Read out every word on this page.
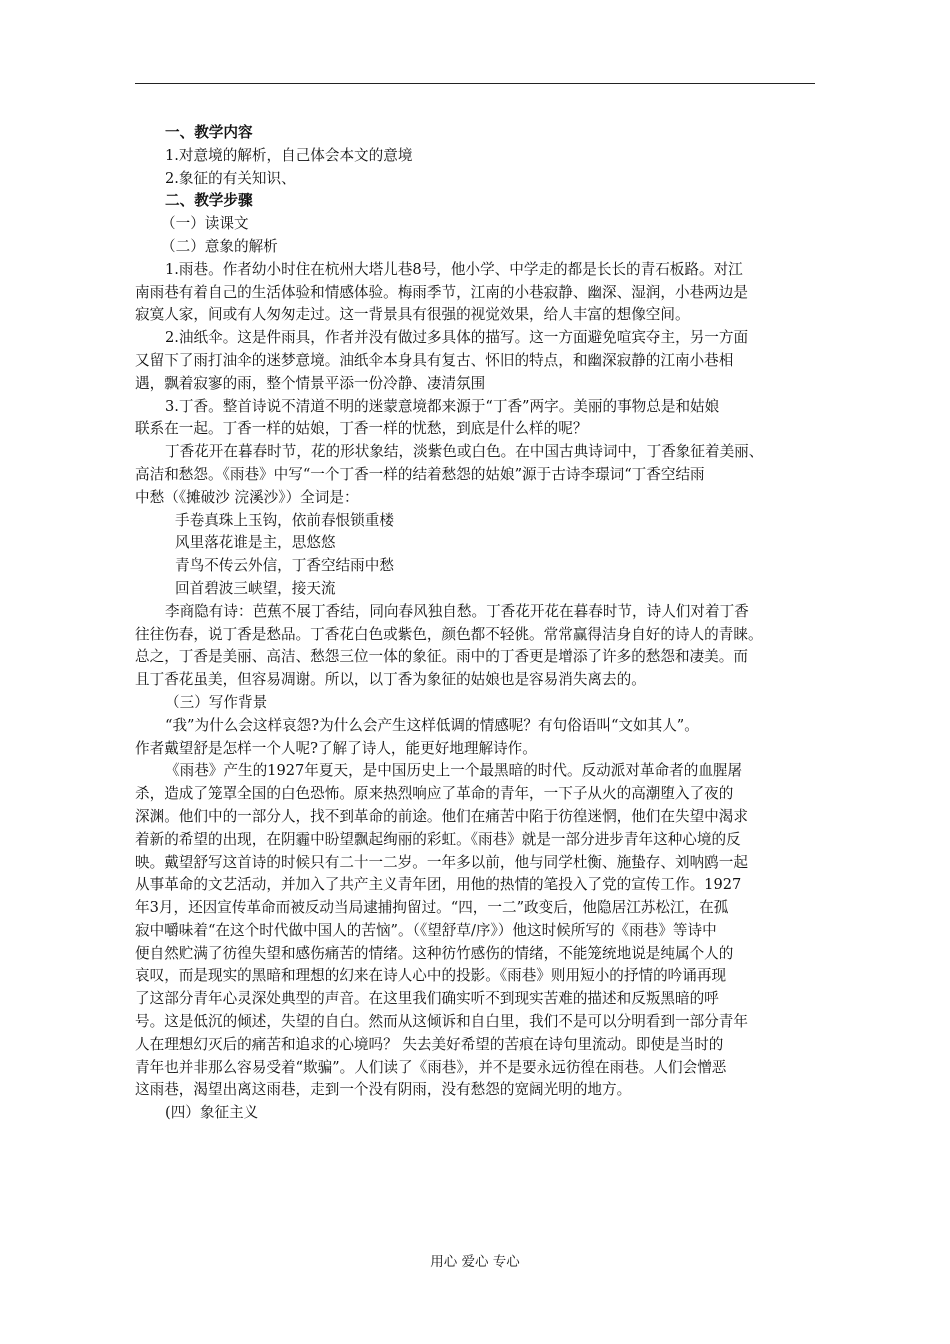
一、教学内容

1.对意境的解析，自己体会本文的意境

2.象征的有关知识、

二、教学步骤

（一）读课文

（二）意象的解析

1.雨巷。作者幼小时住在杭州大塔儿巷8号，他小学、中学走的都是长长的青石板路。对江

南雨巷有着自己的生活体验和情感体验。梅雨季节，江南的小巷寂静、幽深、湿润，小巷两边是

寂寞人家，间或有人匆匆走过。这一背景具有很强的视觉效果，给人丰富的想像空间。

2.油纸伞。这是件雨具，作者并没有做过多具体的描写。这一方面避免喧宾夺主，另一方面

又留下了雨打油伞的迷梦意境。油纸伞本身具有复古、怀旧的特点，和幽深寂静的江南小巷相

遇，飘着寂寥的雨，整个情景平添一份冷静、凄清氛围

3.丁香。整首诗说不清道不明的迷蒙意境都来源于“丁香”两字。美丽的事物总是和姑娘

联系在一起。丁香一样的姑娘，丁香一样的忧愁，到底是什么样的呢？

丁香花开在暮春时节，花的形状象结，淡紫色或白色。在中国古典诗词中，丁香象征着美丽、

高洁和愁怨。《雨巷》中写“一个丁香一样的结着愁怨的姑娘”源于古诗李璟词“丁香空结雨

中愁（《摊破沙 浣溪沙》）全词是：

手卷真珠上玉钩，依前春恨锁重楼

风里落花谁是主，思悠悠

青鸟不传云外信，丁香空结雨中愁

回首碧波三峡望，接天流

李商隐有诗：芭蕉不展丁香结，同向春风独自愁。丁香花开花在暮春时节，诗人们对着丁香

往往伤春，说丁香是愁品。丁香花白色或紫色，颜色都不轻佻。常常赢得洁身自好的诗人的青睐。

总之，丁香是美丽、高洁、愁怨三位一体的象征。雨中的丁香更是增添了许多的愁怨和凄美。而

且丁香花虽美，但容易凋谢。所以，以丁香为象征的姑娘也是容易消失离去的。

（三）写作背景

“我”为什么会这样哀怨?为什么会产生这样低调的情感呢？有句俗语叫“文如其人”。

作者戴望舒是怎样一个人呢?了解了诗人，能更好地理解诗作。

《雨巷》产生的1927年夏天，是中国历史上一个最黑暗的时代。反动派对革命者的血腥屠

杀，造成了笼罩全国的白色恐怖。原来热烈响应了革命的青年，一下子从火的高潮堕入了夜的

深渊。他们中的一部分人，找不到革命的前途。他们在痛苦中陷于彷徨迷惘，他们在失望中渴求

着新的希望的出现，在阴霾中盼望飘起绚丽的彩虹。《雨巷》就是一部分进步青年这种心境的反

映。戴望舒写这首诗的时候只有二十一二岁。一年多以前，他与同学杜衡、施蛰存、刘呐鸥一起

从事革命的文艺活动，并加入了共产主义青年团，用他的热情的笔投入了党的宣传工作。1927

年3月，还因宣传革命而被反动当局逮捕拘留过。“四，一二”政变后，他隐居江苏松江，在孤

寂中嚼味着“在这个时代做中国人的苦恼”。（《望舒草/序》）他这时候所写的《雨巷》等诗中

便自然贮满了彷徨失望和感伤痛苦的情绪。这种彷竹感伤的情绪，不能笼统地说是纯属个人的

哀叹，而是现实的黑暗和理想的幻来在诗人心中的投影。《雨巷》则用短小的抒情的吟诵再现

了这部分青年心灵深处典型的声音。在这里我们确实听不到现实苦难的描述和反叛黑暗的呼

号。这是低沉的倾述，失望的自白。然而从这倾诉和自白里，我们不是可以分明看到一部分青年

人在理想幻灭后的痛苦和追求的心境吗？ 失去美好希望的苦痕在诗句里流动。即使是当时的

青年也并非那么容易受着“欺骗”。人们读了《雨巷》，并不是要永远彷徨在雨巷。人们会憎恶

这雨巷，渴望出离这雨巷，走到一个没有阴雨，没有愁怨的宽阔光明的地方。

(四）象征主义

用心 爱心 专心
